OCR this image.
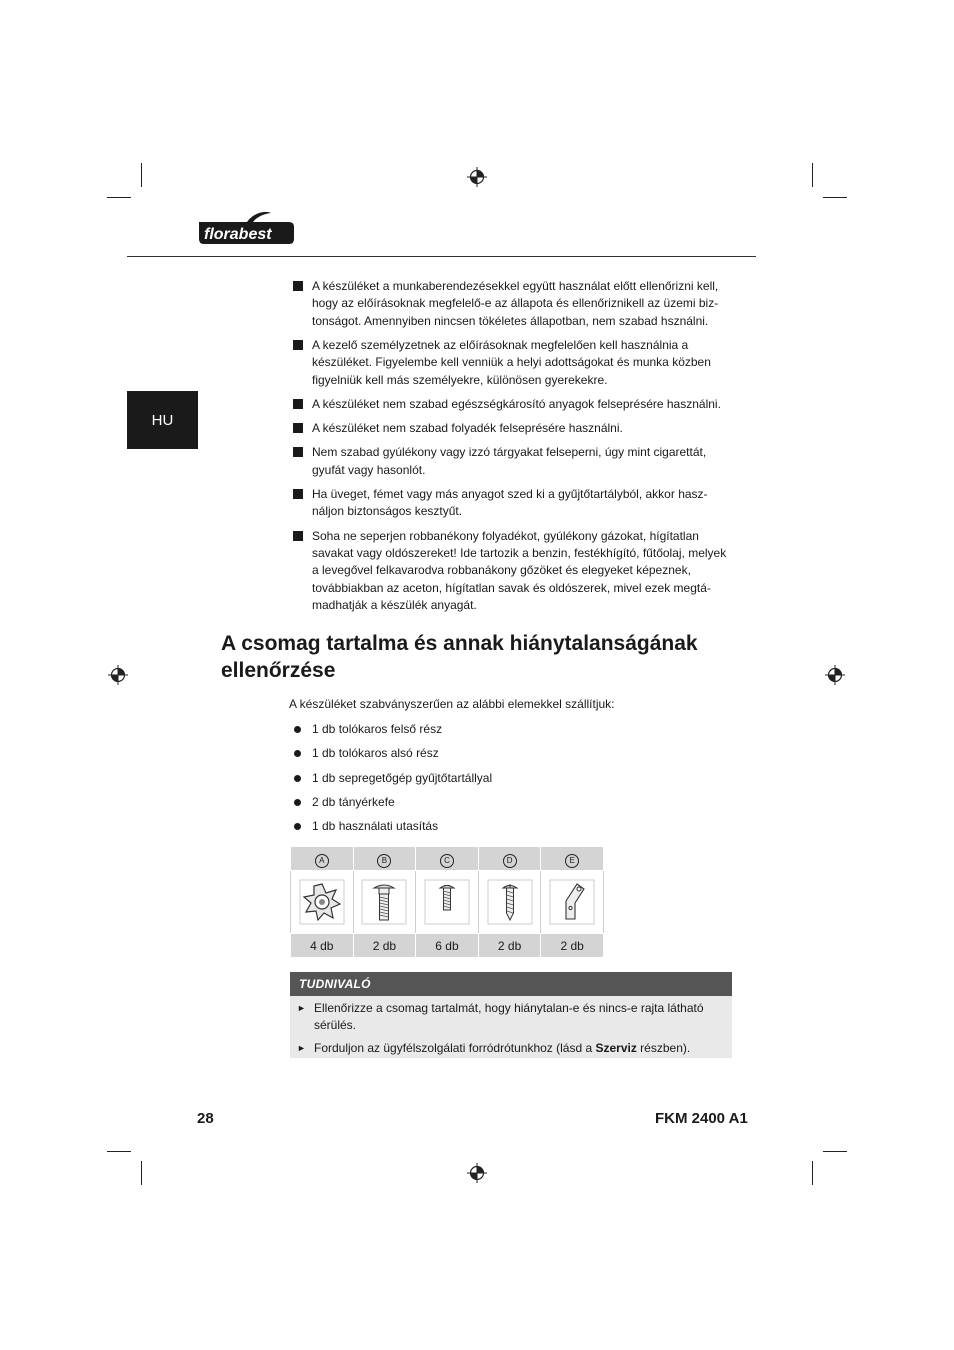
florabest
HU
A készüléket a munkaberendezésekkel együtt használat előtt ellenőrizni kell, hogy az előírásoknak megfelelő-e az állapota és ellenőriznikell az üzemi biz-tonságot. Amennyiben nincsen tökéletes állapotban, nem szabad hsználni.
A kezelő személyzetnek az előírásoknak megfelelően kell használnia a készüléket. Figyelembe kell venniük a helyi adottságokat és munka közben figyelniük kell más személyekre, különösen gyerekekre.
A készüléket nem szabad egészségkárosító anyagok felseprésére használni.
A készüléket nem szabad folyadék felseprésére használni.
Nem szabad gyúlékony vagy izzó tárgyakat felseperni, úgy mint cigarettát, gyufát vagy hasonlót.
Ha üveget, fémet vagy más anyagot szed ki a gyűjtőtartályból, akkor hasz-náljon biztonságos kesztyűt.
Soha ne seperjen robbanékony folyadékot, gyúlékony gázokat, hígítatlan savakat vagy oldószereket! Ide tartozik a benzin, festékhígító, fűtőolaj, melyek a levegővel felkavarodva robbanákony gőzöket és elegyeket képeznek, továbbiakban az aceton, hígítatlan savak és oldószerek, mivel ezek megtá-madhatják a készülék anyagát.
A csomag tartalma és annak hiánytalanságának
ellenőrzése
A készüléket szabványszerűen az alábbi elemekkel szállítjuk:
1 db tolókaros felső rész
1 db tolókaros alsó rész
1 db sepregetőgép gyűjtőtartállyal
2 db tányérkefe
1 db használati utasítás
A	B	C	D	E

4 db	2 db	6 db	2 db	2 db
TUDNIVALÓ
► Ellenőrizze a csomag tartalmát, hogy hiánytalan-e és nincs-e rajta látható sérülés.
► Forduljon az ügyfélszolgálati forródrótunkhoz (lásd a Szerviz részben).
28	FKM 2400 A1
